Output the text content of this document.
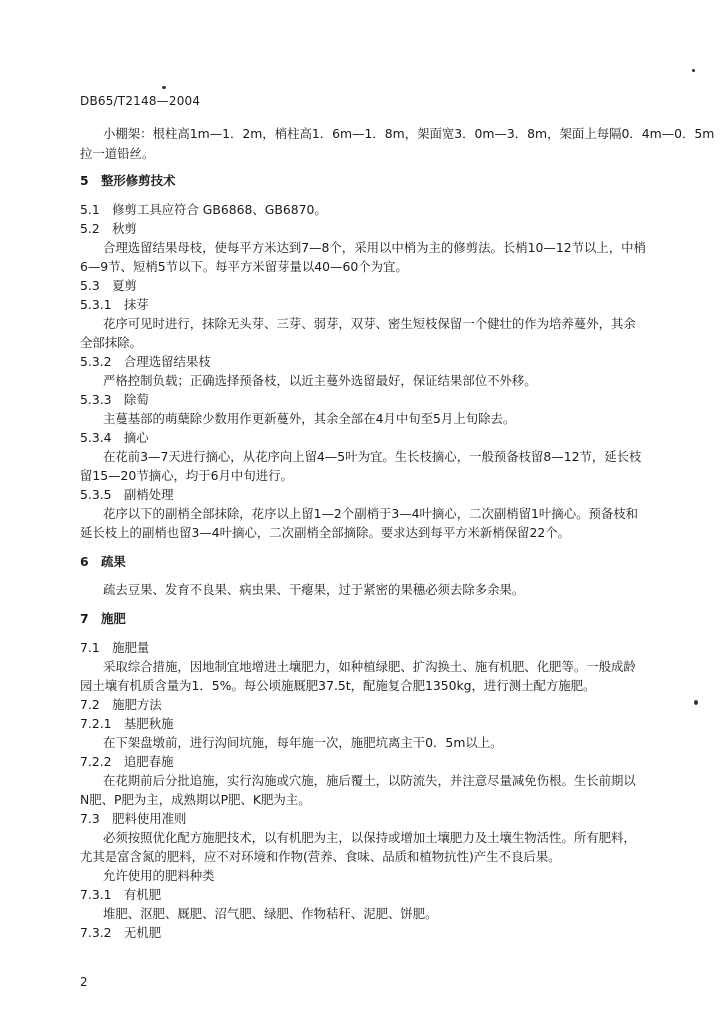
DB65/T2148—2004
小棚架：根柱高1m—1．2m，梢柱高1．6m—1．8m，架面宽3．0m—3．8m，架面上每隔0．4m—0．5m
拉一道铅丝。
5　整形修剪技术
5.1　修剪工具应符合 GB6868、GB6870。
5.2　秋剪
合理选留结果母枝，使每平方米达到7—8个，采用以中梢为主的修剪法。长梢10—12节以上，中梢
6—9节、短梢5节以下。每平方米留芽量以40—60个为宜。
5.3　夏剪
5.3.1　抹芽
花序可见时进行，抹除无头芽、三芽、弱芽，双芽、密生短枝保留一个健壮的作为培养蔓外，其余
全部抹除。
5.3.2　合理选留结果枝
严格控制负载；正确选择预备枝，以近主蔓外选留最好，保证结果部位不外移。
5.3.3　除萄
主蔓基部的萌蘖除少数用作更新蔓外，其余全部在4月中旬至5月上旬除去。
5.3.4　摘心
在花前3—7天进行摘心，从花序向上留4—5叶为宜。生长枝摘心，一般预备枝留8—12节，延长枝
留15—20节摘心，均于6月中旬进行。
5.3.5　副梢处理
花序以下的副梢全部抹除，花序以上留1—2个副梢于3—4叶摘心，二次副梢留1叶摘心。预备枝和
延长枝上的副梢也留3—4叶摘心，二次副梢全部摘除。要求达到每平方米新梢保留22个。
6　疏果
疏去豆果、发育不良果、病虫果、干瘪果，过于紧密的果穗必须去除多余果。
7　施肥
7.1　施肥量
采取综合措施，因地制宜地增进土壤肥力，如种植绿肥、扩沟换土、施有机肥、化肥等。一般成龄
园土壤有机质含量为1．5%。每公顷施厩肥37.5t，配施复合肥1350kg，进行测土配方施肥。
7.2　施肥方法
7.2.1　基肥秋施
在下架盘墩前，进行沟间坑施，每年施一次，施肥坑离主干0．5m以上。
7.2.2　追肥春施
在花期前后分批追施，实行沟施或穴施，施后覆土，以防流失，并注意尽量减免伤根。生长前期以
N肥、P肥为主，成熟期以P肥、K肥为主。
7.3　肥料使用准则
必须按照优化配方施肥技术，以有机肥为主，以保持或增加土壤肥力及土壤生物活性。所有肥料，
尤其是富含氮的肥料，应不对环境和作物(营养、食味、品质和植物抗性)产生不良后果。
允许使用的肥料种类
7.3.1　有机肥
堆肥、沤肥、厩肥、沼气肥、绿肥、作物秸秆、泥肥、饼肥。
7.3.2　无机肥
2
